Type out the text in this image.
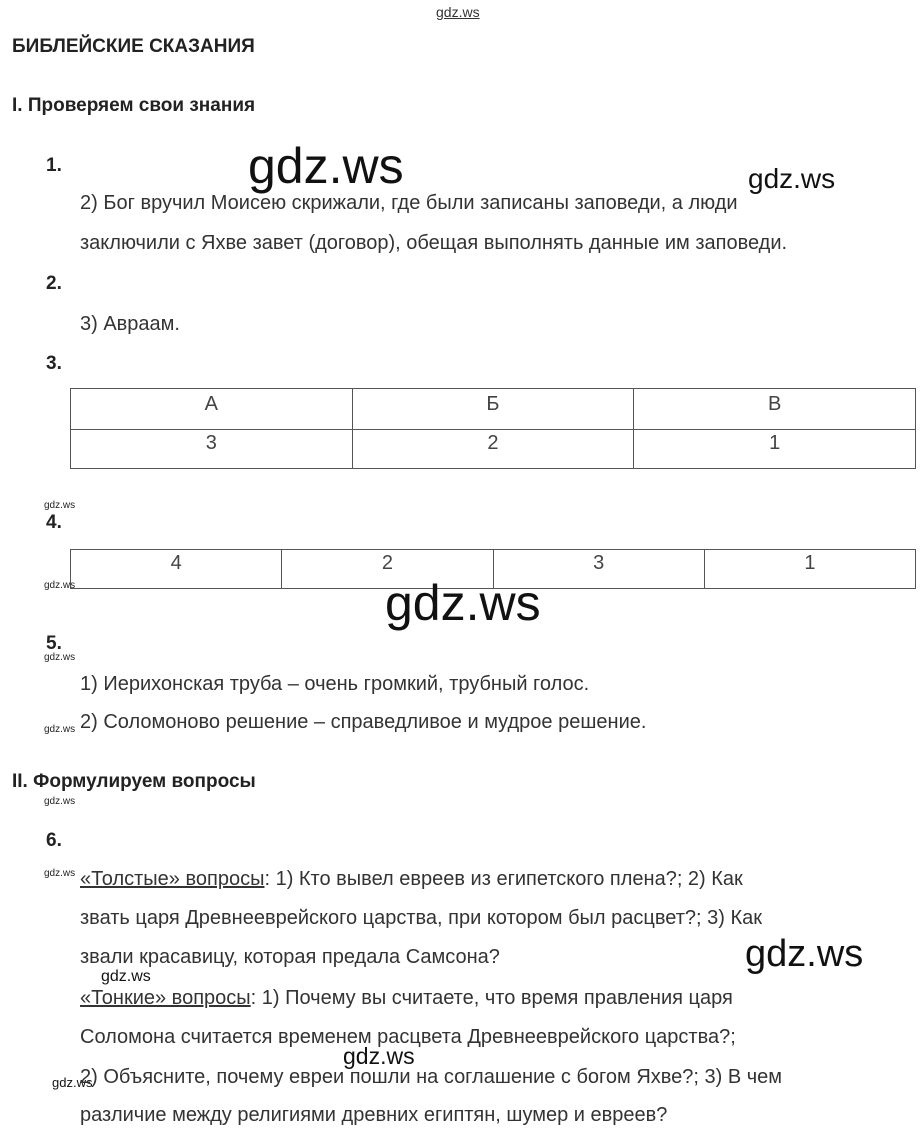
gdz.ws
БИБЛЕЙСКИЕ СКАЗАНИЯ
I. Проверяем свои знания
1.	gdz.ws	gdz.ws
2) Бог вручил Моисею скрижали, где были записаны заповеди, а люди
заключили с Яхве завет (договор), обещая выполнять данные им заповеди.
2.
3) Авраам.
3.
А	Б	В
3	2	1
gdz.ws
4.
4	2	3	1
gdz.ws	gdz.ws
5.
gdz.ws
1) Иерихонская труба – очень громкий, трубный голос.
gdz.ws 2) Соломоново решение – справедливое и мудрое решение.
II. Формулируем вопросы
gdz.ws
6.
gdz.ws «Толстые» вопросы: 1) Кто вывел евреев из египетского плена?; 2) Как
звать царя Древнееврейского царства, при котором был расцвет?; 3) Как
звали красавицу, которая предала Самсона?	gdz.ws
gdz.ws
«Тонкие» вопросы: 1) Почему вы считаете, что время правления царя
Соломона считается временем расцвета Древнееврейского царства?;
gdz.ws
gdz.ws
2) Объясните, почему евреи пошли на соглашение с богом Яхве?; 3) В чем
различие между религиями древних египтян, шумер и евреев?
